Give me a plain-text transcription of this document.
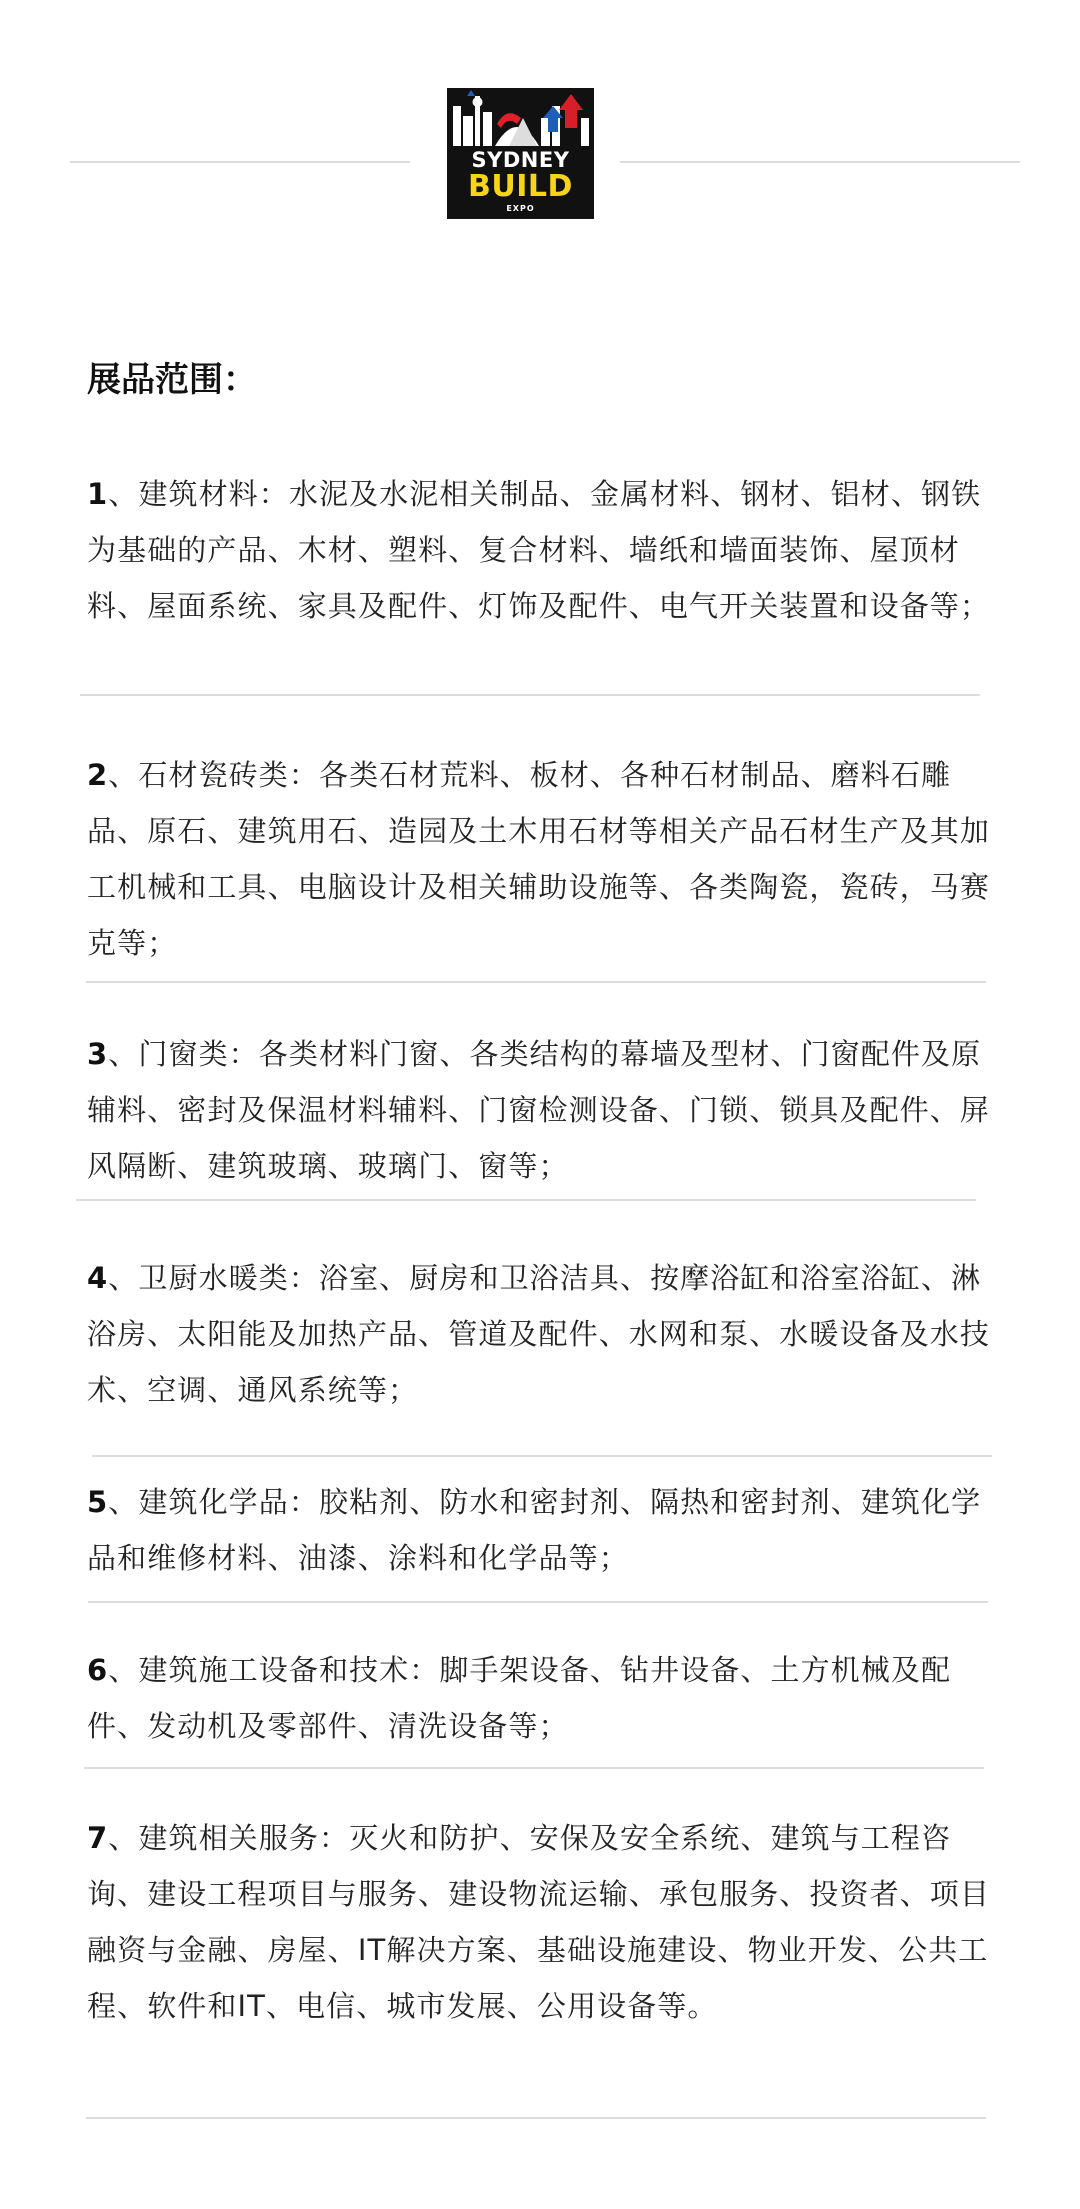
SYDNEY
BUILD
EXPO
展品范围：

1、建筑材料：水泥及水泥相关制品、金属材料、钢材、铝材、钢铁为基础的产品、木材、塑料、复合材料、墙纸和墙面装饰、屋顶材料、屋面系统、家具及配件、灯饰及配件、电气开关装置和设备等；

2、石材瓷砖类：各类石材荒料、板材、各种石材制品、磨料石雕品、原石、建筑用石、造园及土木用石材等相关产品石材生产及其加工机械和工具、电脑设计及相关辅助设施等、各类陶瓷，瓷砖，马赛克等；

3、门窗类：各类材料门窗、各类结构的幕墙及型材、门窗配件及原辅料、密封及保温材料辅料、门窗检测设备、门锁、锁具及配件、屏风隔断、建筑玻璃、玻璃门、窗等；

4、卫厨水暖类：浴室、厨房和卫浴洁具、按摩浴缸和浴室浴缸、淋浴房、太阳能及加热产品、管道及配件、水网和泵、水暖设备及水技术、空调、通风系统等；

5、建筑化学品：胶粘剂、防水和密封剂、隔热和密封剂、建筑化学品和维修材料、油漆、涂料和化学品等；

6、建筑施工设备和技术：脚手架设备、钻井设备、土方机械及配件、发动机及零部件、清洗设备等；

7、建筑相关服务：灭火和防护、安保及安全系统、建筑与工程咨询、建设工程项目与服务、建设物流运输、承包服务、投资者、项目融资与金融、房屋、IT解决方案、基础设施建设、物业开发、公共工程、软件和IT、电信、城市发展、公用设备等。
